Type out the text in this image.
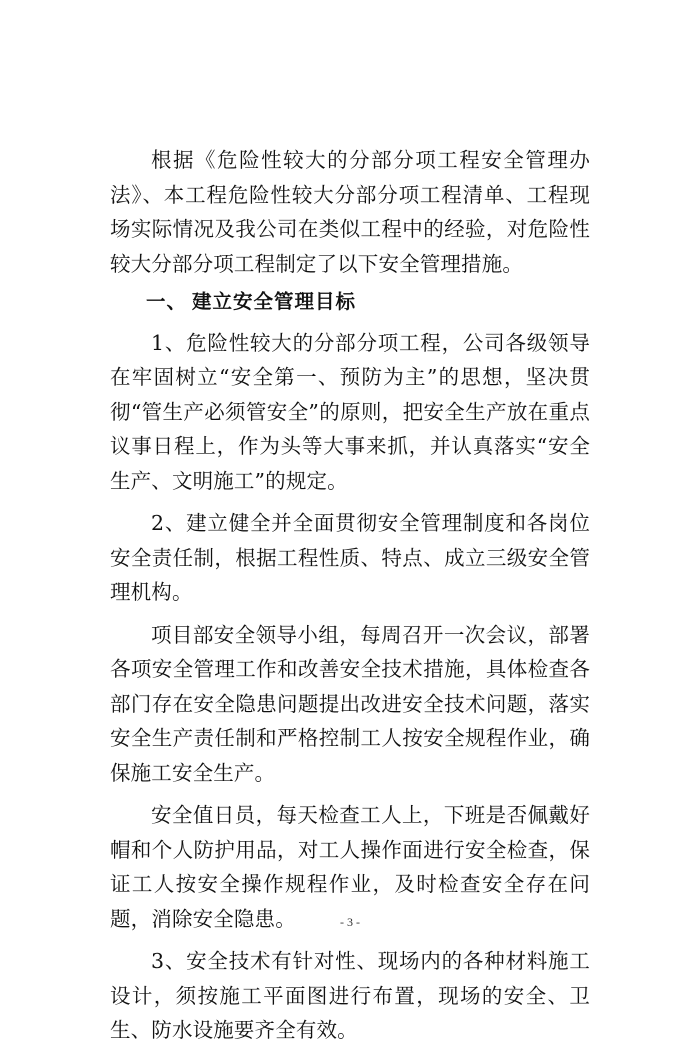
根据《危险性较大的分部分项工程安全管理办法》、本工程危险性较大分部分项工程清单、工程现场实际情况及我公司在类似工程中的经验，对危险性较大分部分项工程制定了以下安全管理措施。

一、 建立安全管理目标

1、危险性较大的分部分项工程，公司各级领导在牢固树立“安全第一、预防为主”的思想，坚决贯彻“管生产必须管安全”的原则，把安全生产放在重点议事日程上，作为头等大事来抓，并认真落实“安全生产、文明施工”的规定。

2、建立健全并全面贯彻安全管理制度和各岗位安全责任制，根据工程性质、特点、成立三级安全管理机构。

项目部安全领导小组，每周召开一次会议，部署各项安全管理工作和改善安全技术措施，具体检查各部门存在安全隐患问题提出改进安全技术问题，落实安全生产责任制和严格控制工人按安全规程作业，确保施工安全生产。

安全值日员，每天检查工人上，下班是否佩戴好帽和个人防护用品，对工人操作面进行安全检查，保证工人按安全操作规程作业，及时检查安全存在问题，消除安全隐患。

3、安全技术有针对性、现场内的各种材料施工设计，须按施工平面图进行布置，现场的安全、卫生、防水设施要齐全有效。

- 3 -
